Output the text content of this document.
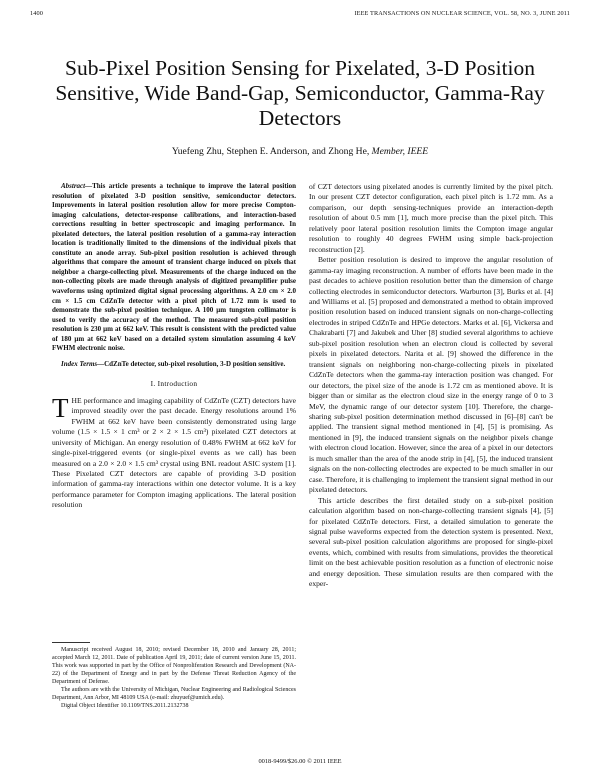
1400	IEEE TRANSACTIONS ON NUCLEAR SCIENCE, VOL. 58, NO. 3, JUNE 2011
Sub-Pixel Position Sensing for Pixelated, 3-D Position Sensitive, Wide Band-Gap, Semiconductor, Gamma-Ray Detectors
Yuefeng Zhu, Stephen E. Anderson, and Zhong He, Member, IEEE

Abstract—This article presents a technique to improve the lateral position resolution of pixelated 3-D position sensitive, semiconductor detectors. Improvements in lateral position resolution allow for more precise Compton-imaging calculations, detector-response calibrations, and interaction-based corrections resulting in better spectroscopic and imaging performance. In pixelated detectors, the lateral position resolution of a gamma-ray interaction location is traditionally limited to the dimensions of the individual pixels that constitute an anode array. Sub-pixel position resolution is achieved through algorithms that compare the amount of transient charge induced on pixels that neighbor a charge-collecting pixel. Measurements of the charge induced on the non-collecting pixels are made through analysis of digitized preamplifier pulse waveforms using optimized digital signal processing algorithms. A 2.0 cm × 2.0 cm × 1.5 cm CdZnTe detector with a pixel pitch of 1.72 mm is used to demonstrate the sub-pixel position technique. A 100 μm tungsten collimator is used to verify the accuracy of the method. The measured sub-pixel position resolution is 230 μm at 662 keV. This result is consistent with the predicted value of 180 μm at 662 keV based on a detailed system simulation assuming 4 keV FWHM electronic noise.

Index Terms—CdZnTe detector, sub-pixel resolution, 3-D position sensitive.

I. Introduction

THE performance and imaging capability of CdZnTe (CZT) detectors have improved steadily over the past decade. Energy resolutions around 1% FWHM at 662 keV have been consistently demonstrated using large volume (1.5 × 1.5 × 1 cm³ or 2 × 2 × 1.5 cm³) pixelated CZT detectors at university of Michigan. An energy resolution of 0.48% FWHM at 662 keV for single-pixel-triggered events (or single-pixel events as we call) has been measured on a 2.0 × 2.0 × 1.5 cm³ crystal using BNL readout ASIC system [1]. These Pixelated CZT detectors are capable of providing 3-D position information of gamma-ray interactions within one detector volume. It is a key performance parameter for Compton imaging applications. The lateral position resolution

Manuscript received August 18, 2010; revised December 18, 2010 and January 28, 2011; accepted March 12, 2011. Date of publication April 19, 2011; date of current version June 15, 2011. This work was supported in part by the Office of Nonproliferation Research and Development (NA-22) of the Department of Energy and in part by the Defense Threat Reduction Agency of the Department of Defense.

The authors are with the University of Michigan, Nuclear Engineering and Radiological Sciences Department, Ann Arbor, MI 48109 USA (e-mail: zhuyuef@umich.edu).

Digital Object Identifier 10.1109/TNS.2011.2132738

of CZT detectors using pixelated anodes is currently limited by the pixel pitch. In our present CZT detector configuration, each pixel pitch is 1.72 mm. As a comparison, our depth sensing-techniques provide an interaction-depth resolution of about 0.5 mm [1], much more precise than the pixel pitch. This relatively poor lateral position resolution limits the Compton image angular resolution to roughly 40 degrees FWHM using simple back-projection reconstruction [2].

Better position resolution is desired to improve the angular resolution of gamma-ray imaging reconstruction. A number of efforts have been made in the past decades to achieve position resolution better than the dimension of charge collecting electrodes in semiconductor detectors. Warburton [3], Burks et al. [4] and Williams et al. [5] proposed and demonstrated a method to obtain improved position resolution based on induced transient signals on non-charge-collecting electrodes in striped CdZnTe and HPGe detectors. Marks et al. [6], Vickersa and Chakrabarti [7] and Jakubek and Uher [8] studied several algorithms to achieve sub-pixel position resolution when an electron cloud is collected by several pixels in pixelated detectors. Narita et al. [9] showed the difference in the transient signals on neighboring non-charge-collecting pixels in pixelated CdZnTe detectors when the gamma-ray interaction position was changed. For our detectors, the pixel size of the anode is 1.72 cm as mentioned above. It is bigger than or similar as the electron cloud size in the energy range of 0 to 3 MeV, the dynamic range of our detector system [10]. Therefore, the charge-sharing sub-pixel position determination method discussed in [6]–[8] can't be applied. The transient signal method mentioned in [4], [5] is promising. As mentioned in [9], the induced transient signals on the neighbor pixels change with electron cloud location. However, since the area of a pixel in our detectors is much smaller than the area of the anode strip in [4], [5], the induced transient signals on the non-collecting electrodes are expected to be much smaller in our case. Therefore, it is challenging to implement the transient signal method in our pixelated detectors.

This article describes the first detailed study on a sub-pixel position calculation algorithm based on non-charge-collecting transient signals [4], [5] for pixelated CdZnTe detectors. First, a detailed simulation to generate the signal pulse waveforms expected from the detection system is presented. Next, several sub-pixel position calculation algorithms are proposed for single-pixel events, which, combined with results from simulations, provides the theoretical limit on the best achievable position resolution as a function of electronic noise and energy deposition. These simulation results are then compared with the exper-

0018-9499/$26.00 © 2011 IEEE
